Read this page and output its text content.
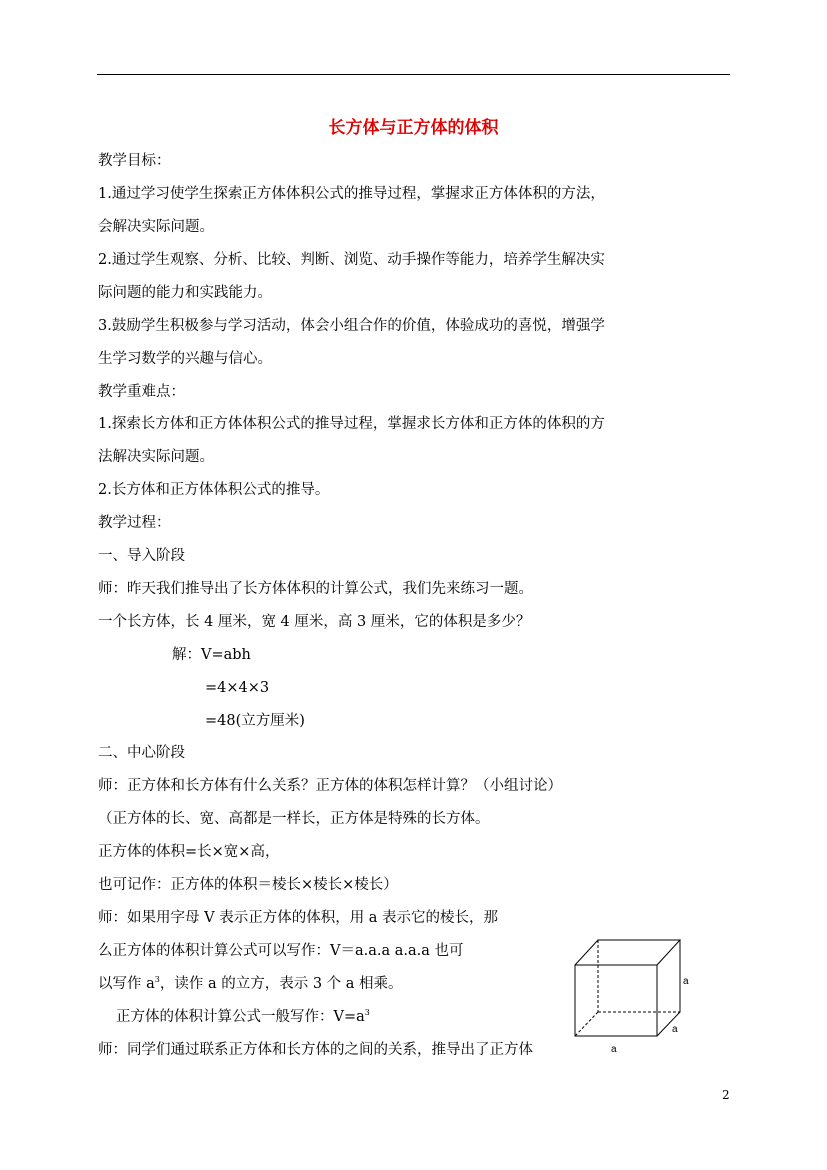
长方体与正方体的体积
教学目标：
1.通过学习使学生探索正方体体积公式的推导过程，掌握求正方体体积的方法，
会解决实际问题。
2.通过学生观察、分析、比较、判断、浏览、动手操作等能力，培养学生解决实
际问题的能力和实践能力。
3.鼓励学生积极参与学习活动，体会小组合作的价值，体验成功的喜悦，增强学
生学习数学的兴趣与信心。
教学重难点：
1.探索长方体和正方体体积公式的推导过程，掌握求长方体和正方体的体积的方
法解决实际问题。
2.长方体和正方体体积公式的推导。
教学过程：
一、导入阶段
师：昨天我们推导出了长方体体积的计算公式，我们先来练习一题。
一个长方体，长 4 厘米，宽 4 厘米，高 3 厘米，它的体积是多少？
解：V=abh
=4×4×3
=48(立方厘米)
二、中心阶段
师：正方体和长方体有什么关系？正方体的体积怎样计算？（小组讨论）
（正方体的长、宽、高都是一样长，正方体是特殊的长方体。
正方体的体积=长×宽×高，
也可记作：正方体的体积＝棱长×棱长×棱长）
师：如果用字母 V 表示正方体的体积，用 a 表示它的棱长，那
么正方体的体积计算公式可以写作：V＝a.a.a a.a.a 也可
以写作 $a^3$，读作 a 的立方，表示 3 个 a 相乘。
正方体的体积计算公式一般写作：$V=a^3$
师：同学们通过联系正方体和长方体的之间的关系，推导出了正方体
a
a
a
2
